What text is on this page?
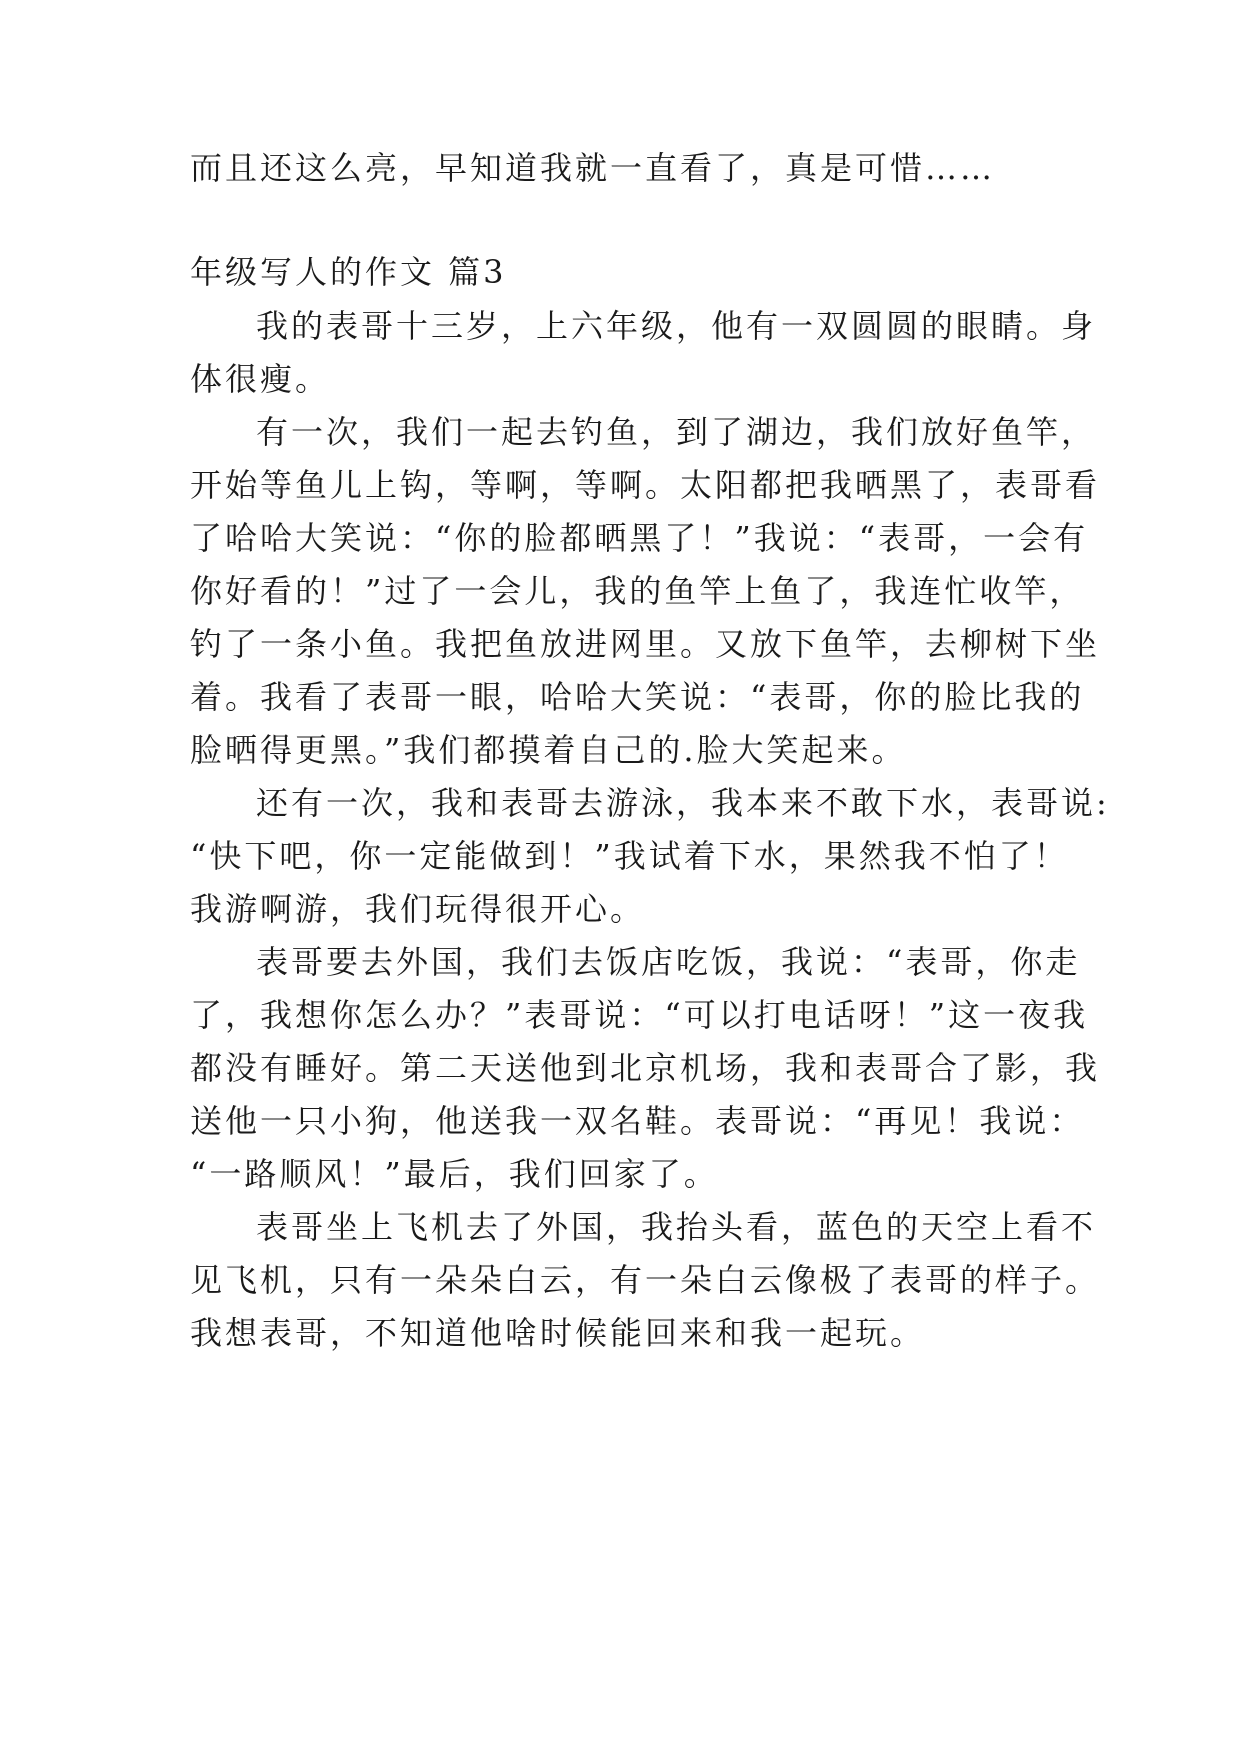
而且还这么亮，早知道我就一直看了，真是可惜……
年级写人的作文 篇3
我的表哥十三岁，上六年级，他有一双圆圆的眼睛。身
体很瘦。
有一次，我们一起去钓鱼，到了湖边，我们放好鱼竿，
开始等鱼儿上钩，等啊，等啊。太阳都把我晒黑了，表哥看
了哈哈大笑说：“你的脸都晒黑了！”我说：“表哥，一会有
你好看的！”过了一会儿，我的鱼竿上鱼了，我连忙收竿，
钓了一条小鱼。我把鱼放进网里。又放下鱼竿，去柳树下坐
着。我看了表哥一眼，哈哈大笑说：“表哥，你的脸比我的
脸晒得更黑。”我们都摸着自己的.脸大笑起来。
还有一次，我和表哥去游泳，我本来不敢下水，表哥说:
“快下吧，你一定能做到！”我试着下水，果然我不怕了！
我游啊游，我们玩得很开心。
表哥要去外国，我们去饭店吃饭，我说：“表哥，你走
了，我想你怎么办？”表哥说：“可以打电话呀！”这一夜我
都没有睡好。第二天送他到北京机场，我和表哥合了影，我
送他一只小狗，他送我一双名鞋。表哥说：“再见！我说：
“一路顺风！”最后，我们回家了。
表哥坐上飞机去了外国，我抬头看，蓝色的天空上看不
见飞机，只有一朵朵白云，有一朵白云像极了表哥的样子。
我想表哥，不知道他啥时候能回来和我一起玩。
